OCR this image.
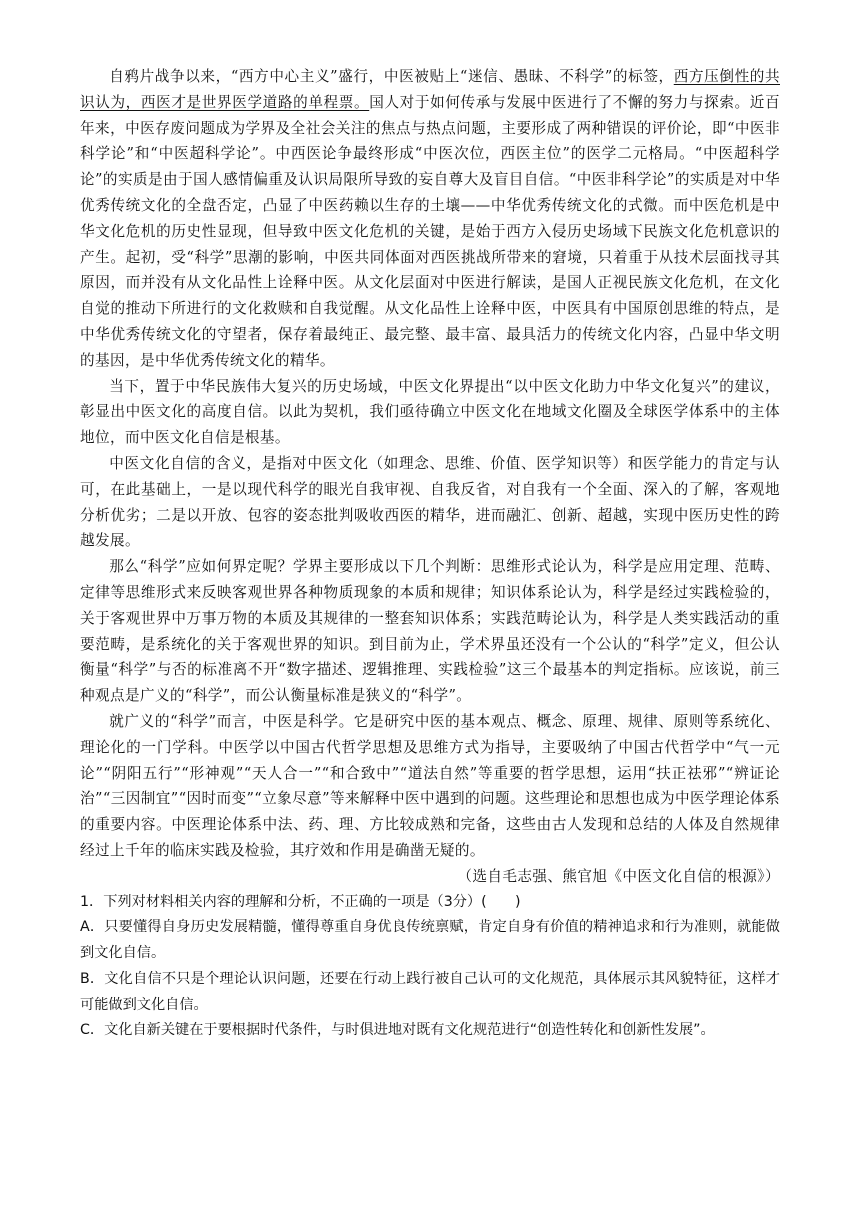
自鸦片战争以来，“西方中心主义”盛行，中医被贴上“迷信、愚昧、不科学”的标签，西方压倒性的共识认为，西医才是世界医学道路的单程票。国人对于如何传承与发展中医进行了不懈的努力与探索。近百年来，中医存废问题成为学界及全社会关注的焦点与热点问题，主要形成了两种错误的评价论，即“中医非科学论”和“中医超科学论”。中西医论争最终形成“中医次位，西医主位”的医学二元格局。“中医超科学论”的实质是由于国人感情偏重及认识局限所导致的妄自尊大及盲目自信。“中医非科学论”的实质是对中华优秀传统文化的全盘否定，凸显了中医药赖以生存的土壤——中华优秀传统文化的式微。而中医危机是中华文化危机的历史性显现，但导致中医文化危机的关键，是始于西方入侵历史场域下民族文化危机意识的产生。起初，受“科学”思潮的影响，中医共同体面对西医挑战所带来的窘境，只着重于从技术层面找寻其原因，而并没有从文化品性上诠释中医。从文化层面对中医进行解读，是国人正视民族文化危机，在文化自觉的推动下所进行的文化救赎和自我觉醒。从文化品性上诠释中医，中医具有中国原创思维的特点，是中华优秀传统文化的守望者，保存着最纯正、最完整、最丰富、最具活力的传统文化内容，凸显中华文明的基因，是中华优秀传统文化的精华。

当下，置于中华民族伟大复兴的历史场域，中医文化界提出“以中医文化助力中华文化复兴”的建议，彰显出中医文化的高度自信。以此为契机，我们亟待确立中医文化在地域文化圈及全球医学体系中的主体地位，而中医文化自信是根基。

中医文化自信的含义，是指对中医文化（如理念、思维、价值、医学知识等）和医学能力的肯定与认可，在此基础上，一是以现代科学的眼光自我审视、自我反省，对自我有一个全面、深入的了解，客观地分析优劣；二是以开放、包容的姿态批判吸收西医的精华，进而融汇、创新、超越，实现中医历史性的跨越发展。

那么“科学”应如何界定呢？学界主要形成以下几个判断：思维形式论认为，科学是应用定理、范畴、定律等思维形式来反映客观世界各种物质现象的本质和规律；知识体系论认为，科学是经过实践检验的，关于客观世界中万事万物的本质及其规律的一整套知识体系；实践范畴论认为，科学是人类实践活动的重要范畴，是系统化的关于客观世界的知识。到目前为止，学术界虽还没有一个公认的“科学”定义，但公认衡量“科学”与否的标准离不开“数字描述、逻辑推理、实践检验”这三个最基本的判定指标。应该说，前三种观点是广义的“科学”，而公认衡量标准是狭义的“科学”。

就广义的“科学”而言，中医是科学。它是研究中医的基本观点、概念、原理、规律、原则等系统化、理论化的一门学科。中医学以中国古代哲学思想及思维方式为指导，主要吸纳了中国古代哲学中“气一元论”“阴阳五行”“形神观”“天人合一”“和合致中”“道法自然”等重要的哲学思想，运用“扶正祛邪”“辨证论治”“三因制宜”“因时而变”“立象尽意”等来解释中医中遇到的问题。这些理论和思想也成为中医学理论体系的重要内容。中医理论体系中法、药、理、方比较成熟和完备，这些由古人发现和总结的人体及自然规律经过上千年的临床实践及检验，其疗效和作用是确凿无疑的。

（选自毛志强、熊官旭《中医文化自信的根源》）

1．下列对材料相关内容的理解和分析，不正确的一项是（3分）(　　)

A．只要懂得自身历史发展精髓，懂得尊重自身优良传统禀赋，肯定自身有价值的精神追求和行为准则，就能做到文化自信。

B．文化自信不只是个理论认识问题，还要在行动上践行被自己认可的文化规范，具体展示其风貌特征，这样才可能做到文化自信。

C．文化自新关键在于要根据时代条件，与时俱进地对既有文化规范进行“创造性转化和创新性发展”。
